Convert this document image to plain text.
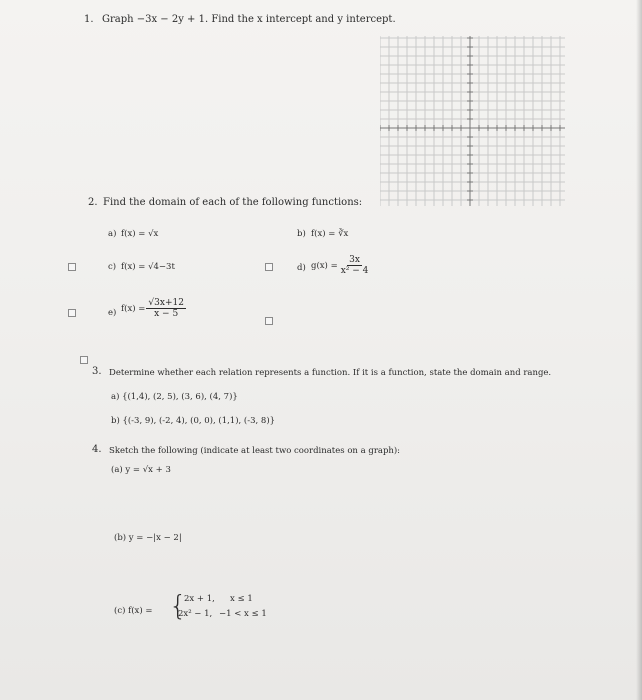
1. Graph −3x − 2y + 1. Find the x intercept and y intercept.
2. Find the domain of each of the following functions:
a) f(x) = √x	b) f(x) = ∛x
c) f(x) = √4−3t	d) $g(x) = \frac{3x}{\text{x² − 4}}$
e) $f(x) = \frac{√3x+12}{x - 5}$
3. Determine whether each relation represents a function. If it is a function, state the domain and range.
a) {(1,4), (2, 5), (3, 6), (4, 7)}
b) {(-3, 9), (-2, 4), (0, 0), (1,1), (-3, 8)}
4. Sketch the following (indicate at least two coordinates on a graph):
(a) y = √x + 3
(b) y = −|x − 2|
(c) f(x) = {
2x + 1, x ≤ 1
2x² − 1, −1 < x ≤ 1
